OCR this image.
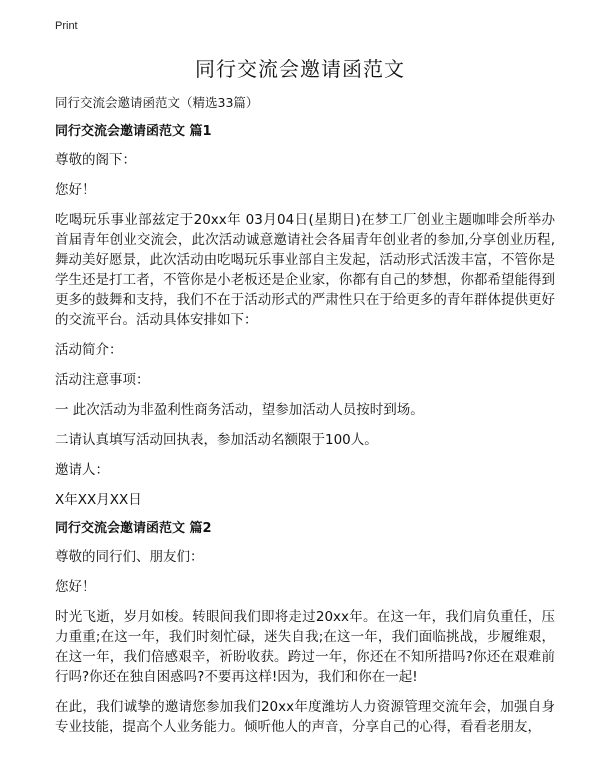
Print
同行交流会邀请函范文

同行交流会邀请函范文（精选33篇）

同行交流会邀请函范文 篇1

尊敬的阁下：

您好！

吃喝玩乐事业部兹定于20xx年 03月04日(星期日)在梦工厂创业主题咖啡会所举办首届青年创业交流会，此次活动诚意邀请社会各届青年创业者的参加,分享创业历程,舞动美好愿景，此次活动由吃喝玩乐事业部自主发起，活动形式活泼丰富，不管你是学生还是打工者，不管你是小老板还是企业家，你都有自己的梦想，你都希望能得到更多的鼓舞和支持，我们不在于活动形式的严肃性只在于给更多的青年群体提供更好的交流平台。活动具体安排如下：

活动简介：

活动注意事项：

一 此次活动为非盈利性商务活动，望参加活动人员按时到场。

二请认真填写活动回执表，参加活动名额限于100人。

邀请人：

X年XX月XX日

同行交流会邀请函范文 篇2

尊敬的同行们、朋友们：

您好！

时光飞逝，岁月如梭。转眼间我们即将走过20xx年。在这一年，我们肩负重任，压力重重;在这一年，我们时刻忙碌，迷失自我;在这一年，我们面临挑战，步履维艰，在这一年，我们倍感艰辛，祈盼收获。跨过一年，你还在不知所措吗?你还在艰难前行吗?你还在独自困惑吗?不要再这样!因为，我们和你在一起!

在此，我们诚挚的邀请您参加我们20xx年度潍坊人力资源管理交流年会，加强自身专业技能，提高个人业务能力。倾听他人的声音，分享自己的心得，看看老朋友，
